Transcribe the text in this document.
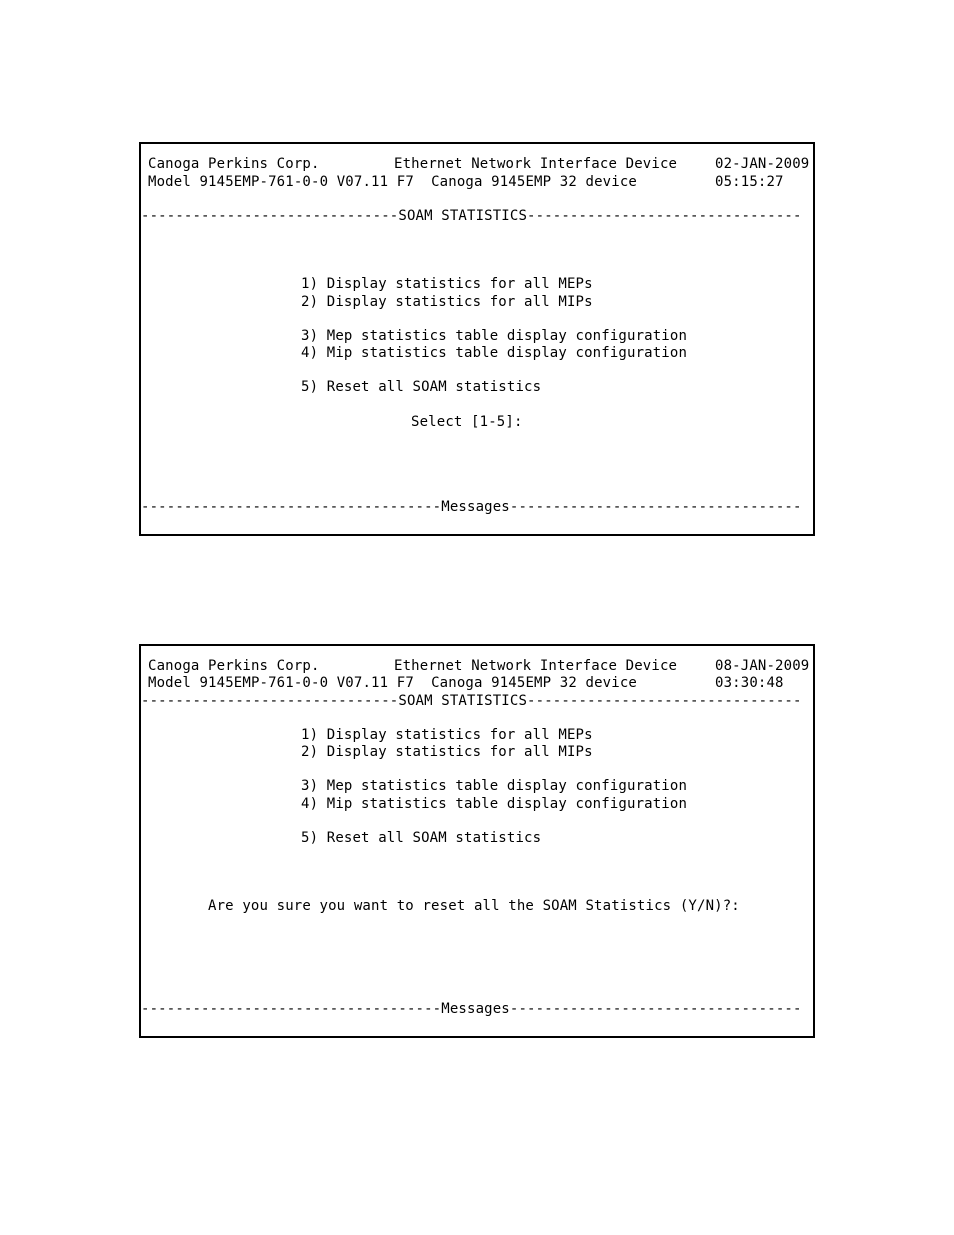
Canoga Perkins Corp.	Ethernet Network Interface Device	02-JAN-2009
Model 9145EMP-761-0-0 V07.11 F7  Canoga 9145EMP 32 device	05:15:27
------------------------------SOAM STATISTICS--------------------------------
1) Display statistics for all MEPs
2) Display statistics for all MIPs
3) Mep statistics table display configuration
4) Mip statistics table display configuration
5) Reset all SOAM statistics
Select [1-5]:
-----------------------------------Messages----------------------------------
Canoga Perkins Corp.	Ethernet Network Interface Device	08-JAN-2009
Model 9145EMP-761-0-0 V07.11 F7  Canoga 9145EMP 32 device	03:30:48
------------------------------SOAM STATISTICS--------------------------------
1) Display statistics for all MEPs
2) Display statistics for all MIPs
3) Mep statistics table display configuration
4) Mip statistics table display configuration
5) Reset all SOAM statistics
Are you sure you want to reset all the SOAM Statistics (Y/N)?:
-----------------------------------Messages----------------------------------
